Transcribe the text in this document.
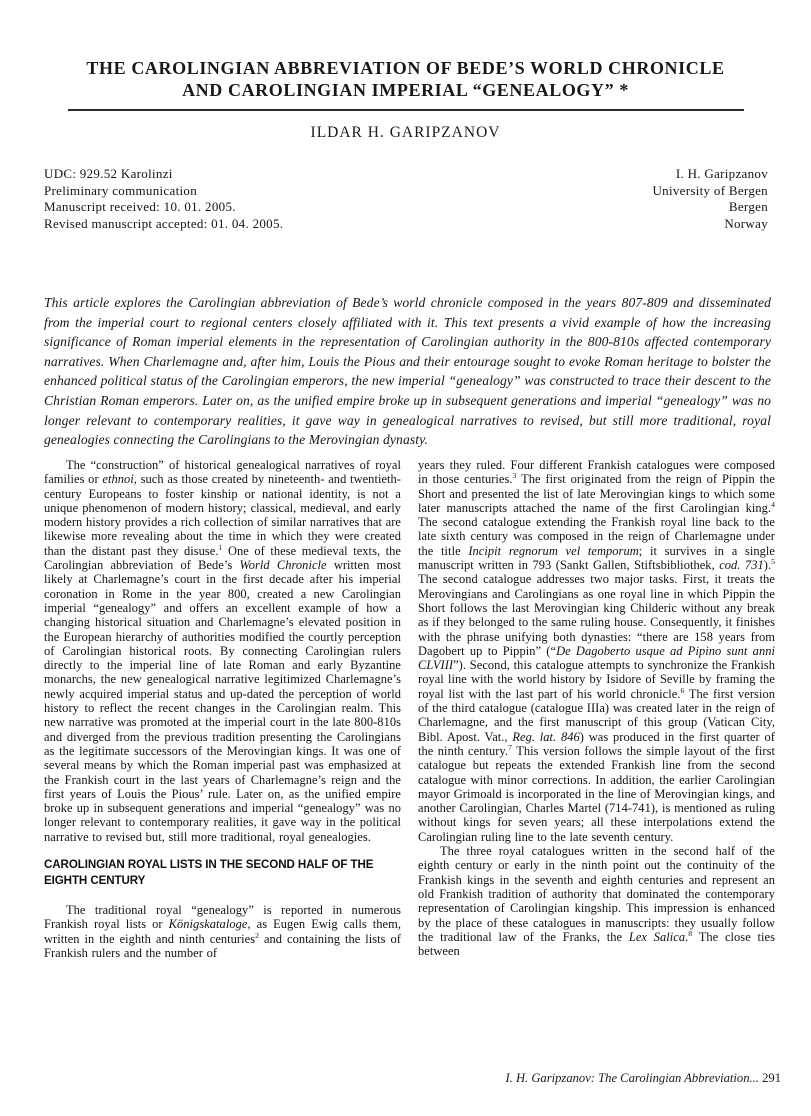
THE CAROLINGIAN ABBREVIATION OF BEDE’S WORLD CHRONICLE
AND CAROLINGIAN IMPERIAL “GENEALOGY” *
ILDAR H. GARIPZANOV
UDC: 929.52 Karolinzi
Preliminary communication
Manuscript received: 10. 01. 2005.
Revised manuscript accepted: 01. 04. 2005.
I. H. Garipzanov
University of Bergen
Bergen
Norway
This article explores the Carolingian abbreviation of Bede’s world chronicle composed in the years 807-809 and disseminated from the imperial court to regional centers closely affiliated with it. This text presents a vivid example of how the increasing significance of Roman imperial elements in the representation of Carolingian authority in the 800-810s affected contemporary narratives. When Charlemagne and, after him, Louis the Pious and their entourage sought to evoke Roman heritage to bolster the enhanced political status of the Carolingian emperors, the new imperial “genealogy” was constructed to trace their descent to the Christian Roman emperors. Later on, as the unified empire broke up in subsequent generations and imperial “genealogy” was no longer relevant to contemporary realities, it gave way in genealogical narratives to revised, but still more traditional, royal genealogies connecting the Carolingians to the Merovingian dynasty.

The “construction” of historical genealogical narratives of royal families or ethnoi, such as those created by nineteenth- and twentieth-century Europeans to foster kinship or national identity, is not a unique phenomenon of modern history; classical, medieval, and early modern history provides a rich collection of similar narratives that are likewise more revealing about the time in which they were created than the distant past they disuse.$^1$ One of these medieval texts, the Carolingian abbreviation of Bede’s World Chronicle written most likely at Charlemagne’s court in the first decade after his imperial coronation in Rome in the year 800, created a new Carolingian imperial “genealogy” and offers an excellent example of how a changing historical situation and Charlemagne’s elevated position in the European hierarchy of authorities modified the courtly perception of Carolingian historical roots. By connecting Carolingian rulers directly to the imperial line of late Roman and early Byzantine monarchs, the new genealogical narrative legitimized Charlemagne’s newly acquired imperial status and up-dated the perception of world history to reflect the recent changes in the Carolingian realm. This new narrative was promoted at the imperial court in the late 800-810s and diverged from the previous tradition presenting the Carolingians as the legitimate successors of the Merovingian kings. It was one of several means by which the Roman imperial past was emphasized at the Frankish court in the last years of Charlemagne’s reign and the first years of Louis the Pious’ rule. Later on, as the unified empire broke up in subsequent generations and imperial “genealogy” was no longer relevant to contemporary realities, it gave way in the political narrative to revised but, still more traditional, royal genealogies.

CAROLINGIAN ROYAL LISTS IN THE SECOND HALF OF THE EIGHTH CENTURY

The traditional royal “genealogy” is reported in numerous Frankish royal lists or Königskataloge, as Eugen Ewig calls them, written in the eighth and ninth centuries$^2$ and containing the lists of Frankish rulers and the number of

years they ruled. Four different Frankish catalogues were composed in those centuries.$^3$ The first originated from the reign of Pippin the Short and presented the list of late Merovingian kings to which some later manuscripts attached the name of the first Carolingian king.$^4$ The second catalogue extending the Frankish royal line back to the late sixth century was composed in the reign of Charlemagne under the title Incipit regnorum vel temporum; it survives in a single manuscript written in 793 (Sankt Gallen, Stiftsbibliothek, cod. 731).$^5$ The second catalogue addresses two major tasks. First, it treats the Merovingians and Carolingians as one royal line in which Pippin the Short follows the last Merovingian king Childeric without any break as if they belonged to the same ruling house. Consequently, it finishes with the phrase unifying both dynasties: “there are 158 years from Dagobert up to Pippin” (“De Dagoberto usque ad Pipino sunt anni CLVIII”). Second, this catalogue attempts to synchronize the Frankish royal line with the world history by Isidore of Seville by framing the royal list with the last part of his world chronicle.$^6$ The first version of the third catalogue (catalogue IIIa) was created later in the reign of Charlemagne, and the first manuscript of this group (Vatican City, Bibl. Apost. Vat., Reg. lat. 846) was produced in the first quarter of the ninth century.$^7$ This version follows the simple layout of the first catalogue but repeats the extended Frankish line from the second catalogue with minor corrections. In addition, the earlier Carolingian mayor Grimoald is incorporated in the line of Merovingian kings, and another Carolingian, Charles Martel (714-741), is mentioned as ruling without kings for seven years; all these interpolations extend the Carolingian ruling line to the late seventh century.

The three royal catalogues written in the second half of the eighth century or early in the ninth point out the continuity of the Frankish kings in the seventh and eighth centuries and represent an old Frankish tradition of authority that dominated the contemporary representation of Carolingian kingship. This impression is enhanced by the place of these catalogues in manuscripts: they usually follow the traditional law of the Franks, the Lex Salica.$^8$ The close ties between

I. H. Garipzanov: The Carolingian Abbreviation... 291
